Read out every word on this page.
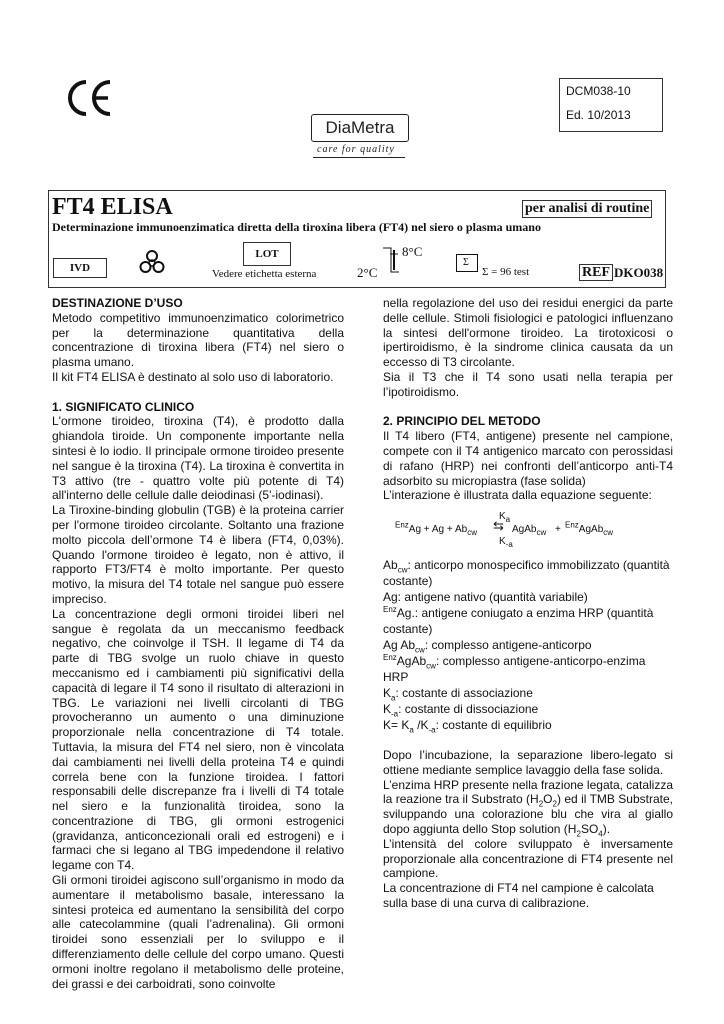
DiaMetra
care for quality
DCM038-10
Ed. 10/2013
FT4 ELISA	per analisi di routine
Determinazione immunoenzimatica diretta della tiroxina libera (FT4) nel siero o plasma umano
LOT
IVD	Vedere etichetta esterna
8°C
2°C
Σ
Σ = 96 test	REF DKO038

DESTINAZIONE D’USO

Metodo competitivo immunoenzimatico colorimetrico per la determinazione quantitativa della concentrazione di tiroxina libera (FT4) nel siero o plasma umano.

Il kit FT4 ELISA è destinato al solo uso di laboratorio.

1. SIGNIFICATO CLINICO

L'ormone tiroideo, tiroxina (T4), è prodotto dalla ghiandola tiroide. Un componente importante nella sintesi è lo iodio. Il principale ormone tiroideo presente nel sangue è la tiroxina (T4). La tiroxina è convertita in T3 attivo (tre - quattro volte più potente di T4) all'interno delle cellule dalle deiodinasi (5'-iodinasi).

La Tiroxine-binding globulin (TGB) è la proteina carrier per l'ormone tiroideo circolante. Soltanto una frazione molto piccola dell’ormone T4 è libera (FT4, 0,03%). Quando l'ormone tiroideo è legato, non è attivo, il rapporto FT3/FT4 è molto importante. Per questo motivo, la misura del T4 totale nel sangue può essere impreciso.

La concentrazione degli ormoni tiroidei liberi nel sangue è regolata da un meccanismo feedback negativo, che coinvolge il TSH. Il legame di T4 da parte di TBG svolge un ruolo chiave in questo meccanismo ed i cambiamenti più significativi della capacità di legare il T4 sono il risultato di alterazioni in TBG. Le variazioni nei livelli circolanti di TBG provocheranno un aumento o una diminuzione proporzionale nella concentrazione di T4 totale. Tuttavia, la misura del FT4 nel siero, non è vincolata dai cambiamenti nei livelli della proteina T4 e quindi correla bene con la funzione tiroidea. I fattori responsabili delle discrepanze fra i livelli di T4 totale nel siero e la funzionalità tiroidea, sono la concentrazione di TBG, gli ormoni estrogenici (gravidanza, anticoncezionali orali ed estrogeni) e i farmaci che si legano al TBG impedendone il relativo legame con T4.

Gli ormoni tiroidei agiscono sull’organismo in modo da aumentare il metabolismo basale, interessano la sintesi proteica ed aumentano la sensibilità del corpo alle catecolammine (quali l’adrenalina). Gli ormoni tiroidei sono essenziali per lo sviluppo e il differenziamento delle cellule del corpo umano. Questi ormoni inoltre regolano il metabolismo delle proteine, dei grassi e dei carboidrati, sono coinvolte

nella regolazione del uso dei residui energici da parte delle cellule. Stimoli fisiologici e patologici influenzano la sintesi dell'ormone tiroideo. La tirotoxicosi o ipertiroidismo, è la sindrome clinica causata da un eccesso di T3 circolante.

Sia il T3 che il T4 sono usati nella terapia per l’ipotiroidismo.

2. PRINCIPIO DEL METODO

Il T4 libero (FT4, antigene) presente nel campione, compete con il T4 antigenico marcato con perossidasi di rafano (HRP) nei confronti dell’anticorpo anti-T4 adsorbito su micropiastra (fase solida)

L’interazione è illustrata dalla equazione seguente:

$K_a$
$^{Enz}Ag + Ag + Ab_{cw}$ ⇆ AgAb$_{cw}$ + $^{Enz}$AgAb$_{cw}$
$K_{-a}$

$Ab_{cw}$: anticorpo monospecifico immobilizzato (quantità costante)

Ag: antigene nativo (quantità variabile)

$^{Enz}$Ag.: antigene coniugato a enzima HRP (quantità costante)

Ag $Ab_{cw}$: complesso antigene-anticorpo

$^{Enz}$AgAb$_{cw}$: complesso antigene-anticorpo-enzima HRP

$K_a$: costante di associazione

$K_{-a}$: costante di dissociazione

$K= K_a$ $/K_{-a}$: costante di equilibrio

Dopo l’incubazione, la separazione libero-legato si ottiene mediante semplice lavaggio della fase solida.

L’enzima HRP presente nella frazione legata, catalizza la reazione tra il Substrato $(H_2O_2)$ ed il TMB Substrate, sviluppando una colorazione blu che vira al giallo dopo aggiunta dello Stop solution $(H_2SO_4)$.

L’intensità del colore sviluppato è inversamente proporzionale alla concentrazione di FT4 presente nel campione.

La concentrazione di FT4 nel campione è calcolata sulla base di una curva di calibrazione.
